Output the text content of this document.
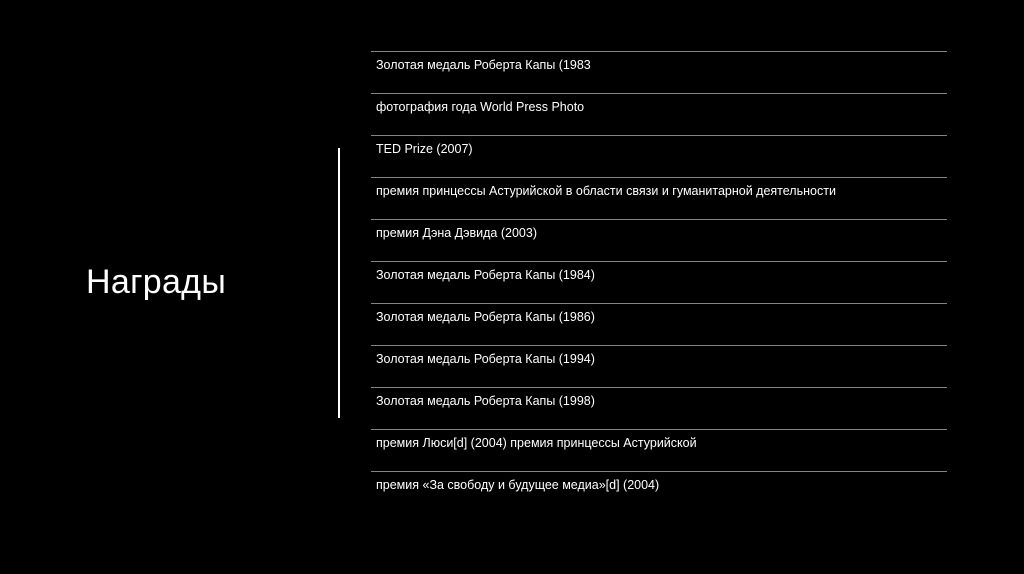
Награды
Золотая медаль Роберта Капы (1983
фотография года World Press Photo
TED Prize (2007)
премия принцессы Астурийской в области связи и гуманитарной деятельности
премия Дэна Дэвида (2003)
Золотая медаль Роберта Капы (1984)
Золотая медаль Роберта Капы (1986)
Золотая медаль Роберта Капы (1994)
Золотая медаль Роберта Капы (1998)
премия Люси[d] (2004) премия принцессы Астурийской
премия «За свободу и будущее медиа»[d] (2004)
